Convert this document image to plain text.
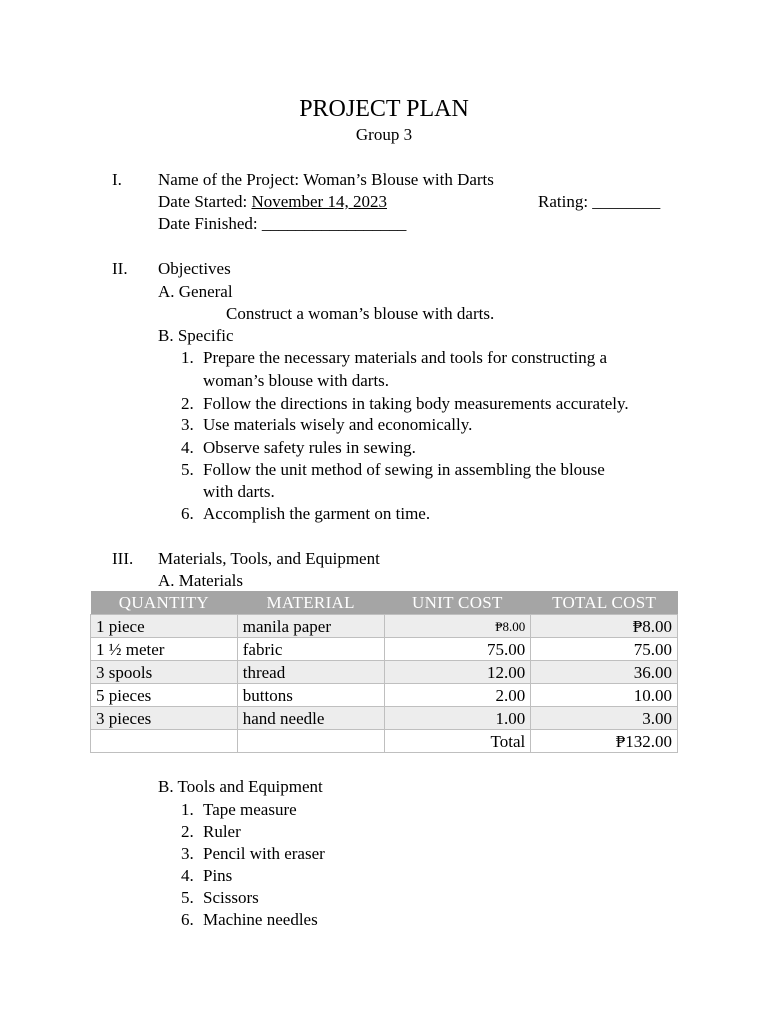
PROJECT PLAN
Group 3
I. Name of the Project: Woman’s Blouse with Darts
Date Started: November 14, 2023	Rating: ________
Date Finished: _________________
II. Objectives
A. General
Construct a woman’s blouse with darts.
B. Specific
1. Prepare the necessary materials and tools for constructing a
woman’s blouse with darts.
2. Follow the directions in taking body measurements accurately.
3. Use materials wisely and economically.
4. Observe safety rules in sewing.
5. Follow the unit method of sewing in assembling the blouse
with darts.
6. Accomplish the garment on time.
III. Materials, Tools, and Equipment
A. Materials
QUANTITY	MATERIAL	UNIT COST	TOTAL COST
1 piece	manila paper	₱8.00	₱8.00
1 ½ meter	fabric	75.00	75.00
3 spools	thread	12.00	36.00
5 pieces	buttons	2.00	10.00
3 pieces	hand needle	1.00	3.00
		Total	₱132.00
B. Tools and Equipment
1. Tape measure
2. Ruler
3. Pencil with eraser
4. Pins
5. Scissors
6. Machine needles
